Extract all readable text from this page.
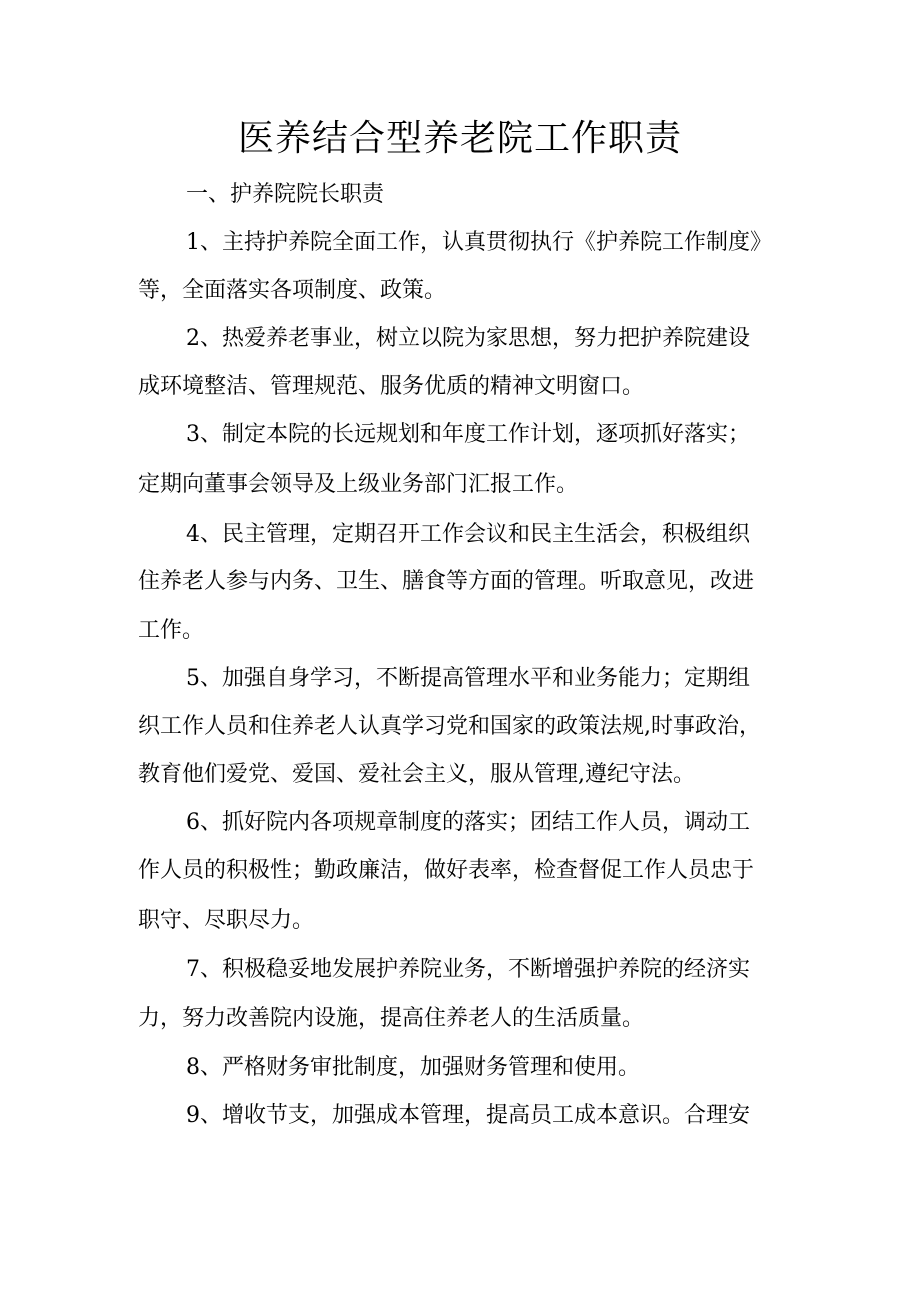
医养结合型养老院工作职责
一、护养院院长职责
1、主持护养院全面工作，认真贯彻执行《护养院工作制度》
等，全面落实各项制度、政策。
2、热爱养老事业，树立以院为家思想，努力把护养院建设
成环境整洁、管理规范、服务优质的精神文明窗口。
3、制定本院的长远规划和年度工作计划，逐项抓好落实；
定期向董事会领导及上级业务部门汇报工作。
4、民主管理，定期召开工作会议和民主生活会，积极组织
住养老人参与内务、卫生、膳食等方面的管理。听取意见，改进
工作。
5、加强自身学习，不断提高管理水平和业务能力；定期组
织工作人员和住养老人认真学习党和国家的政策法规,时事政治，
教育他们爱党、爱国、爱社会主义，服从管理,遵纪守法。
6、抓好院内各项规章制度的落实；团结工作人员，调动工
作人员的积极性；勤政廉洁，做好表率，检查督促工作人员忠于
职守、尽职尽力。
7、积极稳妥地发展护养院业务，不断增强护养院的经济实
力，努力改善院内设施，提高住养老人的生活质量。
8、严格财务审批制度，加强财务管理和使用。
9、增收节支，加强成本管理，提高员工成本意识。合理安
